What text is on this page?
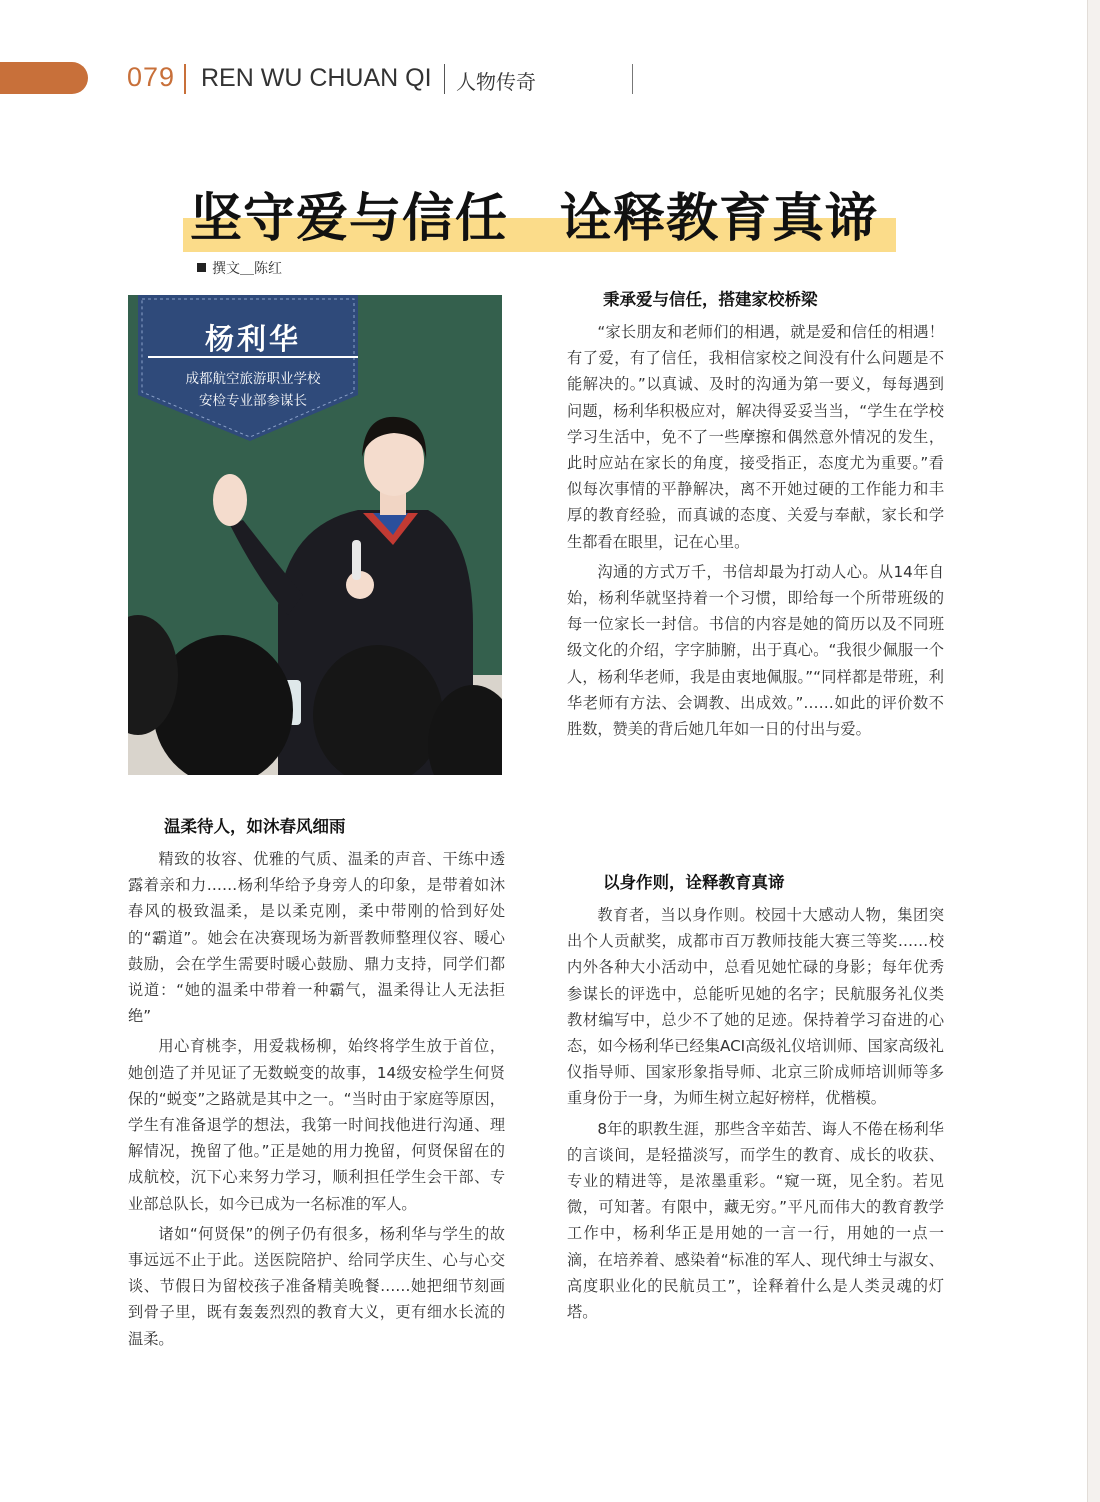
079 REN WU CHUAN QI 人物传奇
坚守爱与信任 诠释教育真谛
撰文＿陈红
杨利华
成都航空旅游职业学校
安检专业部参谋长
温柔待人，如沐春风细雨

精致的妆容、优雅的气质、温柔的声音、干练中透露着亲和力……杨利华给予身旁人的印象，是带着如沐春风的极致温柔，是以柔克刚，柔中带刚的恰到好处的“霸道”。她会在决赛现场为新晋教师整理仪容、暖心鼓励，会在学生需要时暖心鼓励、鼎力支持，同学们都说道：“她的温柔中带着一种霸气，温柔得让人无法拒绝”

用心育桃李，用爱栽杨柳，始终将学生放于首位，她创造了并见证了无数蜕变的故事，14级安检学生何贤保的“蜕变”之路就是其中之一。“当时由于家庭等原因，学生有准备退学的想法，我第一时间找他进行沟通、理解情况，挽留了他。”正是她的用力挽留，何贤保留在的成航校，沉下心来努力学习，顺利担任学生会干部、专业部总队长，如今已成为一名标准的军人。

诸如“何贤保”的例子仍有很多，杨利华与学生的故事远远不止于此。送医院陪护、给同学庆生、心与心交谈、节假日为留校孩子准备精美晚餐……她把细节刻画到骨子里，既有轰轰烈烈的教育大义，更有细水长流的温柔。

秉承爱与信任，搭建家校桥梁

“家长朋友和老师们的相遇，就是爱和信任的相遇！有了爱，有了信任，我相信家校之间没有什么问题是不能解决的。”以真诚、及时的沟通为第一要义，每每遇到问题，杨利华积极应对，解决得妥妥当当，“学生在学校学习生活中，免不了一些摩擦和偶然意外情况的发生，此时应站在家长的角度，接受指正，态度尤为重要。”看似每次事情的平静解决，离不开她过硬的工作能力和丰厚的教育经验，而真诚的态度、关爱与奉献，家长和学生都看在眼里，记在心里。

沟通的方式万千，书信却最为打动人心。从14年自始，杨利华就坚持着一个习惯，即给每一个所带班级的每一位家长一封信。书信的内容是她的简历以及不同班级文化的介绍，字字肺腑，出于真心。“我很少佩服一个人，杨利华老师，我是由衷地佩服。”“同样都是带班，利华老师有方法、会调教、出成效。”……如此的评价数不胜数，赞美的背后她几年如一日的付出与爱。

以身作则，诠释教育真谛

教育者，当以身作则。校园十大感动人物，集团突出个人贡献奖，成都市百万教师技能大赛三等奖……校内外各种大小活动中，总看见她忙碌的身影；每年优秀参谋长的评选中，总能听见她的名字；民航服务礼仪类教材编写中，总少不了她的足迹。保持着学习奋进的心态，如今杨利华已经集ACI高级礼仪培训师、国家高级礼仪指导师、国家形象指导师、北京三阶成师培训师等多重身份于一身，为师生树立起好榜样，优楷模。

8年的职教生涯，那些含辛茹苦、诲人不倦在杨利华的言谈间，是轻描淡写，而学生的教育、成长的收获、专业的精进等，是浓墨重彩。“窥一斑，见全豹。若见微，可知著。有限中，藏无穷。”平凡而伟大的教育教学工作中，杨利华正是用她的一言一行，用她的一点一滴，在培养着、感染着“标准的军人、现代绅士与淑女、高度职业化的民航员工”，诠释着什么是人类灵魂的灯塔。
